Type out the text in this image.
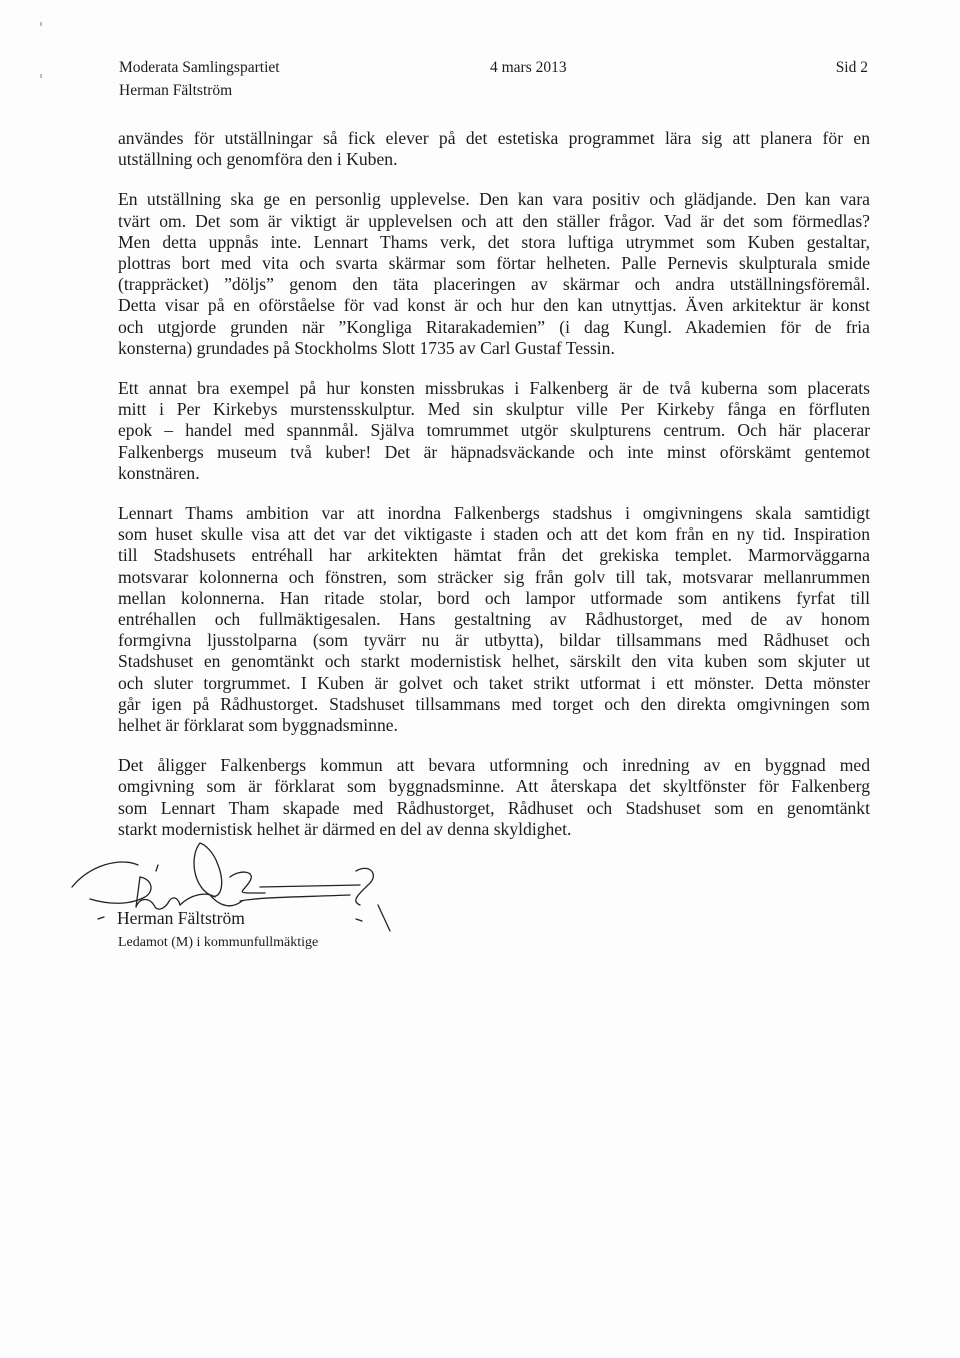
Moderata Samlingspartiet
Herman Fältström
4 mars 2013	Sid 2
användes för utställningar så fick elever på det estetiska programmet lära sig att planera för en
utställning och genomföra den i Kuben.
En utställning ska ge en personlig upplevelse. Den kan vara positiv och glädjande. Den kan vara
tvärt om. Det som är viktigt är upplevelsen och att den ställer frågor. Vad är det som förmedlas?
Men detta uppnås inte. Lennart Thams verk, det stora luftiga utrymmet som Kuben gestaltar,
plottras bort med vita och svarta skärmar som förtar helheten. Palle Pernevis skulpturala smide
(trappräcket) ”döljs” genom den täta placeringen av skärmar och andra utställningsföremål.
Detta visar på en oförståelse för vad konst är och hur den kan utnyttjas. Även arkitektur är konst
och utgjorde grunden när ”Kongliga Ritarakademien” (i dag Kungl. Akademien för de fria
konsterna) grundades på Stockholms Slott 1735 av Carl Gustaf Tessin.
Ett annat bra exempel på hur konsten missbrukas i Falkenberg är de två kuberna som placerats
mitt i Per Kirkebys murstensskulptur. Med sin skulptur ville Per Kirkeby fånga en förfluten
epok – handel med spannmål. Själva tomrummet utgör skulpturens centrum. Och här placerar
Falkenbergs museum två kuber! Det är häpnadsväckande och inte minst oförskämt gentemot
konstnären.
Lennart Thams ambition var att inordna Falkenbergs stadshus i omgivningens skala samtidigt
som huset skulle visa att det var det viktigaste i staden och att det kom från en ny tid. Inspiration
till Stadshusets entréhall har arkitekten hämtat från det grekiska templet. Marmorväggarna
motsvarar kolonnerna och fönstren, som sträcker sig från golv till tak, motsvarar mellanrummen
mellan kolonnerna. Han ritade stolar, bord och lampor utformade som antikens fyrfat till
entréhallen och fullmäktigesalen. Hans gestaltning av Rådhustorget, med de av honom
formgivna ljusstolparna (som tyvärr nu är utbytta), bildar tillsammans med Rådhuset och
Stadshuset en genomtänkt och starkt modernistisk helhet, särskilt den vita kuben som skjuter ut
och sluter torgrummet. I Kuben är golvet och taket strikt utformat i ett mönster. Detta mönster
går igen på Rådhustorget. Stadshuset tillsammans med torget och den direkta omgivningen som
helhet är förklarat som byggnadsminne.
Det åligger Falkenbergs kommun att bevara utformning och inredning av en byggnad med
omgivning som är förklarat som byggnadsminne. Att återskapa det skyltfönster för Falkenberg
som Lennart Tham skapade med Rådhustorget, Rådhuset och Stadshuset som en genomtänkt
starkt modernistisk helhet är därmed en del av denna skyldighet.
Herman Fältström
Ledamot (M) i kommunfullmäktige
